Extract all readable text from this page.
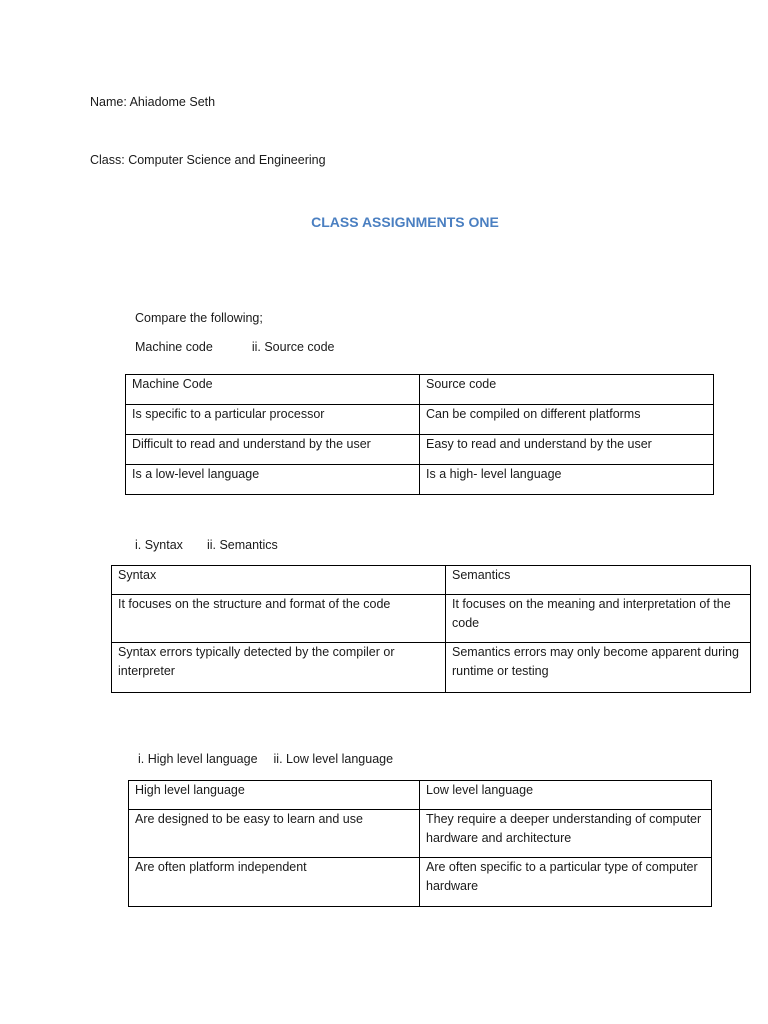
Name: Ahiadome Seth
Class: Computer Science and Engineering
CLASS ASSIGNMENTS ONE
Compare the following;
Machine code	ii. Source code
Machine Code	Source code
Is specific to a particular processor	Can be compiled on different platforms
Difficult to read and understand by the user	Easy to read and understand by the user
Is a low-level language	Is a high- level language
i. Syntax ii. Semantics
Syntax	Semantics
It focuses on the structure and format of the code	It focuses on the meaning and interpretation of the code
Syntax errors typically detected by the compiler or interpreter	Semantics errors may only become apparent during runtime or testing
i. High level language ii. Low level language
High level language	Low level language
Are designed to be easy to learn and use	They require a deeper understanding of computer hardware and architecture
Are often platform independent	Are often specific to a particular type of computer hardware
